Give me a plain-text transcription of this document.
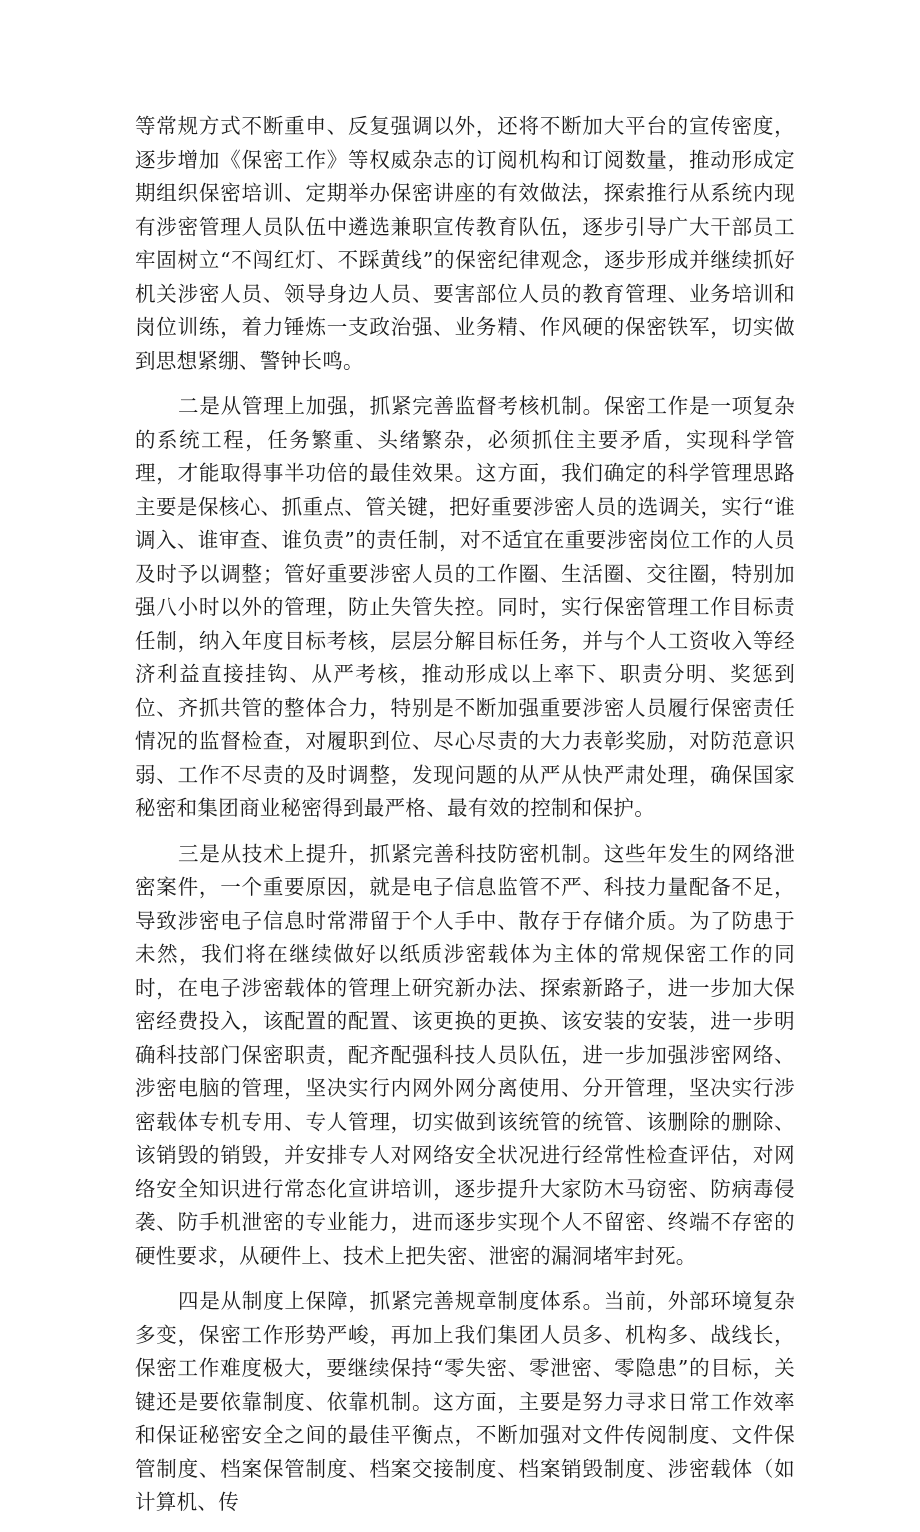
等常规方式不断重申、反复强调以外，还将不断加大平台的宣传密度，逐步增加《保密工作》等权威杂志的订阅机构和订阅数量，推动形成定期组织保密培训、定期举办保密讲座的有效做法，探索推行从系统内现有涉密管理人员队伍中遴选兼职宣传教育队伍，逐步引导广大干部员工牢固树立“不闯红灯、不踩黄线”的保密纪律观念，逐步形成并继续抓好机关涉密人员、领导身边人员、要害部位人员的教育管理、业务培训和岗位训练，着力锤炼一支政治强、业务精、作风硬的保密铁军，切实做到思想紧绷、警钟长鸣。

二是从管理上加强，抓紧完善监督考核机制。保密工作是一项复杂的系统工程，任务繁重、头绪繁杂，必须抓住主要矛盾，实现科学管理，才能取得事半功倍的最佳效果。这方面，我们确定的科学管理思路主要是保核心、抓重点、管关键，把好重要涉密人员的选调关，实行“谁调入、谁审查、谁负责”的责任制，对不适宜在重要涉密岗位工作的人员及时予以调整；管好重要涉密人员的工作圈、生活圈、交往圈，特别加强八小时以外的管理，防止失管失控。同时，实行保密管理工作目标责任制，纳入年度目标考核，层层分解目标任务，并与个人工资收入等经济利益直接挂钩、从严考核，推动形成以上率下、职责分明、奖惩到位、齐抓共管的整体合力，特别是不断加强重要涉密人员履行保密责任情况的监督检查，对履职到位、尽心尽责的大力表彰奖励，对防范意识弱、工作不尽责的及时调整，发现问题的从严从快严肃处理，确保国家秘密和集团商业秘密得到最严格、最有效的控制和保护。

三是从技术上提升，抓紧完善科技防密机制。这些年发生的网络泄密案件，一个重要原因，就是电子信息监管不严、科技力量配备不足，导致涉密电子信息时常滞留于个人手中、散存于存储介质。为了防患于未然，我们将在继续做好以纸质涉密载体为主体的常规保密工作的同时，在电子涉密载体的管理上研究新办法、探索新路子，进一步加大保密经费投入，该配置的配置、该更换的更换、该安装的安装，进一步明确科技部门保密职责，配齐配强科技人员队伍，进一步加强涉密网络、涉密电脑的管理，坚决实行内网外网分离使用、分开管理，坚决实行涉密载体专机专用、专人管理，切实做到该统管的统管、该删除的删除、该销毁的销毁，并安排专人对网络安全状况进行经常性检查评估，对网络安全知识进行常态化宣讲培训，逐步提升大家防木马窃密、防病毒侵袭、防手机泄密的专业能力，进而逐步实现个人不留密、终端不存密的硬性要求，从硬件上、技术上把失密、泄密的漏洞堵牢封死。

四是从制度上保障，抓紧完善规章制度体系。当前，外部环境复杂多变，保密工作形势严峻，再加上我们集团人员多、机构多、战线长，保密工作难度极大，要继续保持“零失密、零泄密、零隐患”的目标，关键还是要依靠制度、依靠机制。这方面，主要是努力寻求日常工作效率和保证秘密安全之间的最佳平衡点，不断加强对文件传阅制度、文件保管制度、档案保管制度、档案交接制度、档案销毁制度、涉密载体（如计算机、传
